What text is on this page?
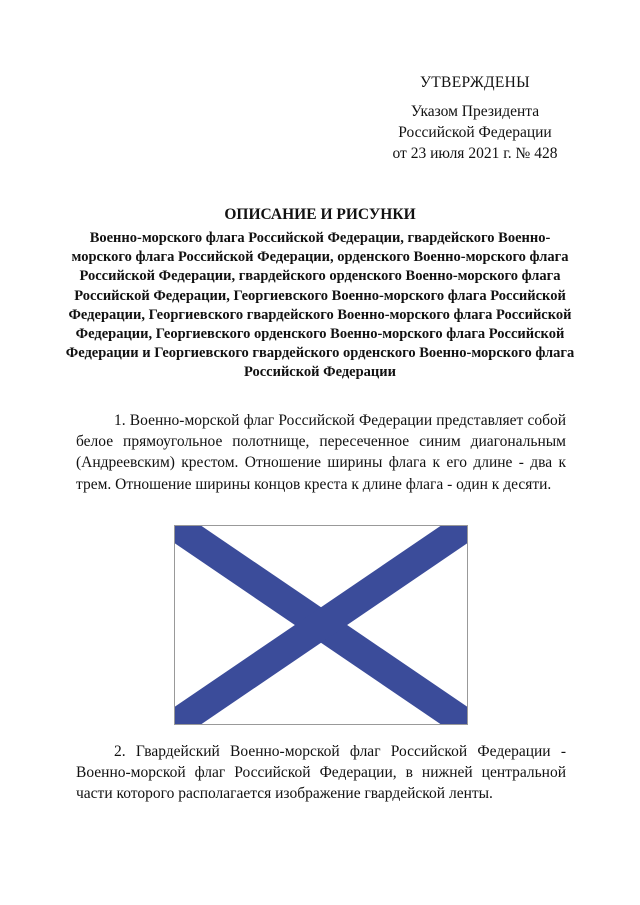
УТВЕРЖДЕНЫ
Указом Президента
Российской Федерации
от 23 июля 2021 г. № 428
ОПИСАНИЕ И РИСУНКИ
Военно-морского флага Российской Федерации, гвардейского Военно-морского флага Российской Федерации, орденского Военно-морского флага Российской Федерации, гвардейского орденского Военно-морского флага Российской Федерации, Георгиевского Военно-морского флага Российской Федерации, Георгиевского гвардейского Военно-морского флага Российской Федерации, Георгиевского орденского Военно-морского флага Российской Федерации и Георгиевского гвардейского орденского Военно-морского флага Российской Федерации

1. Военно-морской флаг Российской Федерации представляет собой белое прямоугольное полотнище, пересеченное синим диагональным (Андреевским) крестом. Отношение ширины флага к его длине - два к трем. Отношение ширины концов креста к длине флага - один к десяти.

2. Гвардейский Военно-морской флаг Российской Федерации - Военно-морской флаг Российской Федерации, в нижней центральной части которого располагается изображение гвардейской ленты.
